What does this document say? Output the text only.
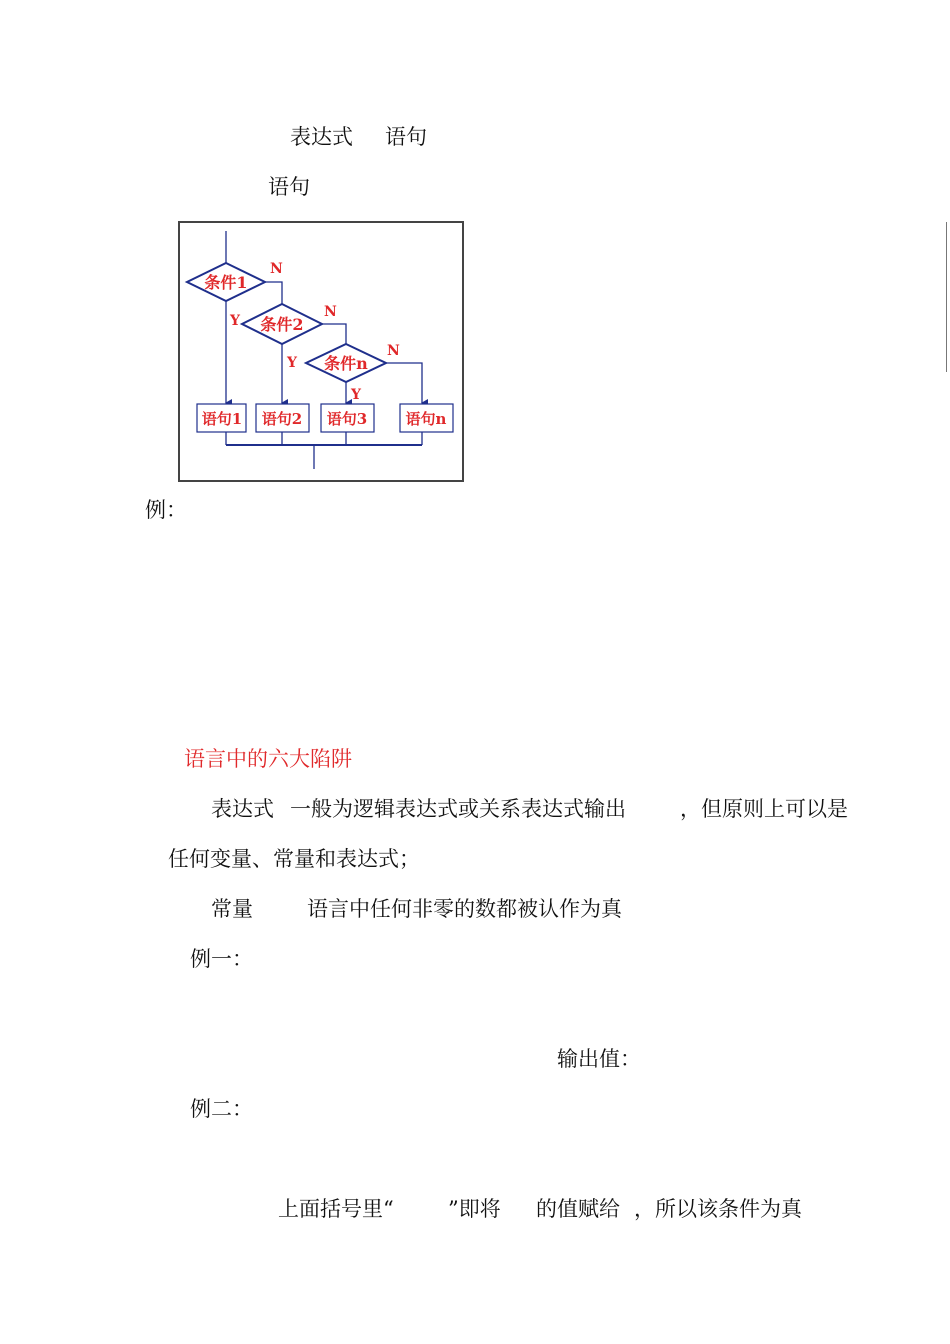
表达式 语句
语句
条件1
条件2
条件n
N
N
N
Y
Y
Y
语句1 语句2 语句3	语句n
例：
语言中的六大陷阱
表达式 一般为逻辑表达式或关系表达式输出	，但原则上可以是
任何变量、常量和表达式；
常量	语言中任何非零的数都被认作为真
例一：
输出值：
例二：
上面括号里“	”即将 的值赋给 ，所以该条件为真
